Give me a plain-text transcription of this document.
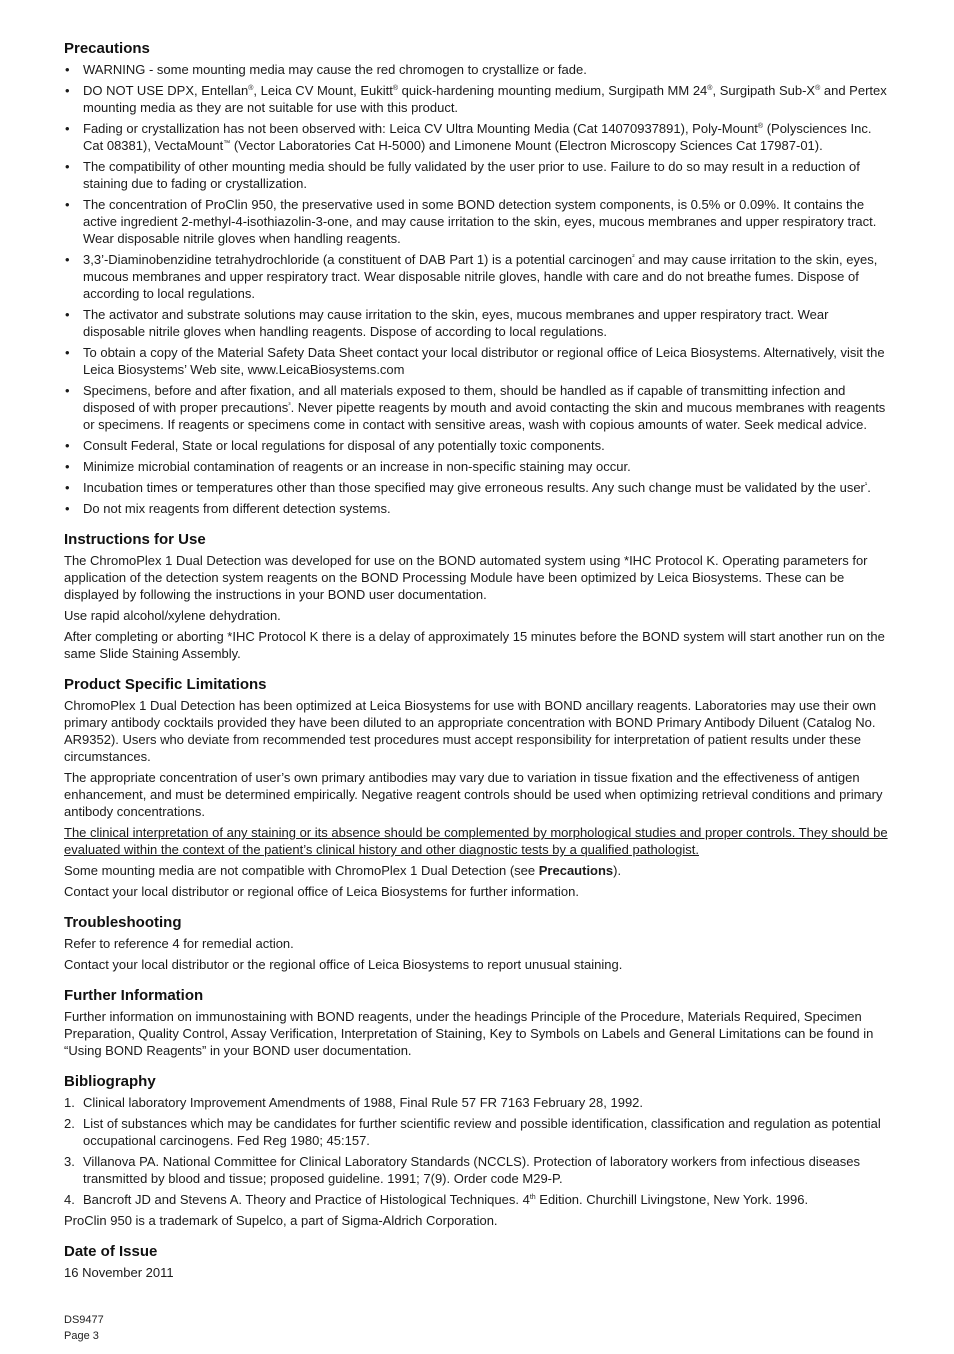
Precautions
• WARNING - some mounting media may cause the red chromogen to crystallize or fade.
• DO NOT USE DPX, Entellan®, Leica CV Mount, Eukitt® quick-hardening mounting medium, Surgipath MM 24®, Surgipath Sub-X® and Pertex mounting media as they are not suitable for use with this product.
• Fading or crystallization has not been observed with: Leica CV Ultra Mounting Media (Cat 14070937891), Poly-Mount® (Polysciences Inc. Cat 08381), VectaMount™ (Vector Laboratories Cat H-5000) and Limonene Mount (Electron Microscopy Sciences Cat 17987-01).
• The compatibility of other mounting media should be fully validated by the user prior to use. Failure to do so may result in a reduction of staining due to fading or crystallization.
• The concentration of ProClin 950, the preservative used in some BOND detection system components, is 0.5% or 0.09%. It contains the active ingredient 2-methyl-4-isothiazolin-3-one, and may cause irritation to the skin, eyes, mucous membranes and upper respiratory tract. Wear disposable nitrile gloves when handling reagents.
• 3,3’-Diaminobenzidine tetrahydrochloride (a constituent of DAB Part 1) is a potential carcinogen$^{^2}$ and may cause irritation to the skin, eyes, mucous membranes and upper respiratory tract. Wear disposable nitrile gloves, handle with care and do not breathe fumes. Dispose of according to local regulations.
• The activator and substrate solutions may cause irritation to the skin, eyes, mucous membranes and upper respiratory tract. Wear disposable nitrile gloves when handling reagents. Dispose of according to local regulations.
• To obtain a copy of the Material Safety Data Sheet contact your local distributor or regional office of Leica Biosystems. Alternatively, visit the Leica Biosystems’ Web site, www.LeicaBiosystems.com
• Specimens, before and after fixation, and all materials exposed to them, should be handled as if capable of transmitting infection and disposed of with proper precautions$^{^3}$. Never pipette reagents by mouth and avoid contacting the skin and mucous membranes with reagents or specimens. If reagents or specimens come in contact with sensitive areas, wash with copious amounts of water. Seek medical advice.
• Consult Federal, State or local regulations for disposal of any potentially toxic components.
• Minimize microbial contamination of reagents or an increase in non-specific staining may occur.
• Incubation times or temperatures other than those specified may give erroneous results. Any such change must be validated by the user$^{^1}$.
• Do not mix reagents from different detection systems.
Instructions for Use

The ChromoPlex 1 Dual Detection was developed for use on the BOND automated system using *IHC Protocol K. Operating parameters for application of the detection system reagents on the BOND Processing Module have been optimized by Leica Biosystems. These can be displayed by following the instructions in your BOND user documentation.

Use rapid alcohol/xylene dehydration.

After completing or aborting *IHC Protocol K there is a delay of approximately 15 minutes before the BOND system will start another run on the same Slide Staining Assembly.

Product Specific Limitations

ChromoPlex 1 Dual Detection has been optimized at Leica Biosystems for use with BOND ancillary reagents. Laboratories may use their own primary antibody cocktails provided they have been diluted to an appropriate concentration with BOND Primary Antibody Diluent (Catalog No. AR9352). Users who deviate from recommended test procedures must accept responsibility for interpretation of patient results under these circumstances.

The appropriate concentration of user’s own primary antibodies may vary due to variation in tissue fixation and the effectiveness of antigen enhancement, and must be determined empirically. Negative reagent controls should be used when optimizing retrieval conditions and primary antibody concentrations.

The clinical interpretation of any staining or its absence should be complemented by morphological studies and proper controls. They should be evaluated within the context of the patient’s clinical history and other diagnostic tests by a qualified pathologist.

Some mounting media are not compatible with ChromoPlex 1 Dual Detection (see Precautions).

Contact your local distributor or regional office of Leica Biosystems for further information.

Troubleshooting

Refer to reference 4 for remedial action.

Contact your local distributor or the regional office of Leica Biosystems to report unusual staining.

Further Information

Further information on immunostaining with BOND reagents, under the headings Principle of the Procedure, Materials Required, Specimen Preparation, Quality Control, Assay Verification, Interpretation of Staining, Key to Symbols on Labels and General Limitations can be found in “Using BOND Reagents” in your BOND user documentation.

Bibliography
1. Clinical laboratory Improvement Amendments of 1988, Final Rule 57 FR 7163 February 28, 1992.
2. List of substances which may be candidates for further scientific review and possible identification, classification and regulation as potential occupational carcinogens. Fed Reg 1980; 45:157.
3. Villanova PA. National Committee for Clinical Laboratory Standards (NCCLS). Protection of laboratory workers from infectious diseases transmitted by blood and tissue; proposed guideline. 1991; 7(9). Order code M29-P.
4. Bancroft JD and Stevens A. Theory and Practice of Histological Techniques. 4th Edition. Churchill Livingstone, New York. 1996.

ProClin 950 is a trademark of Supelco, a part of Sigma-Aldrich Corporation.

Date of Issue

16 November 2011

DS9477
Page 3
